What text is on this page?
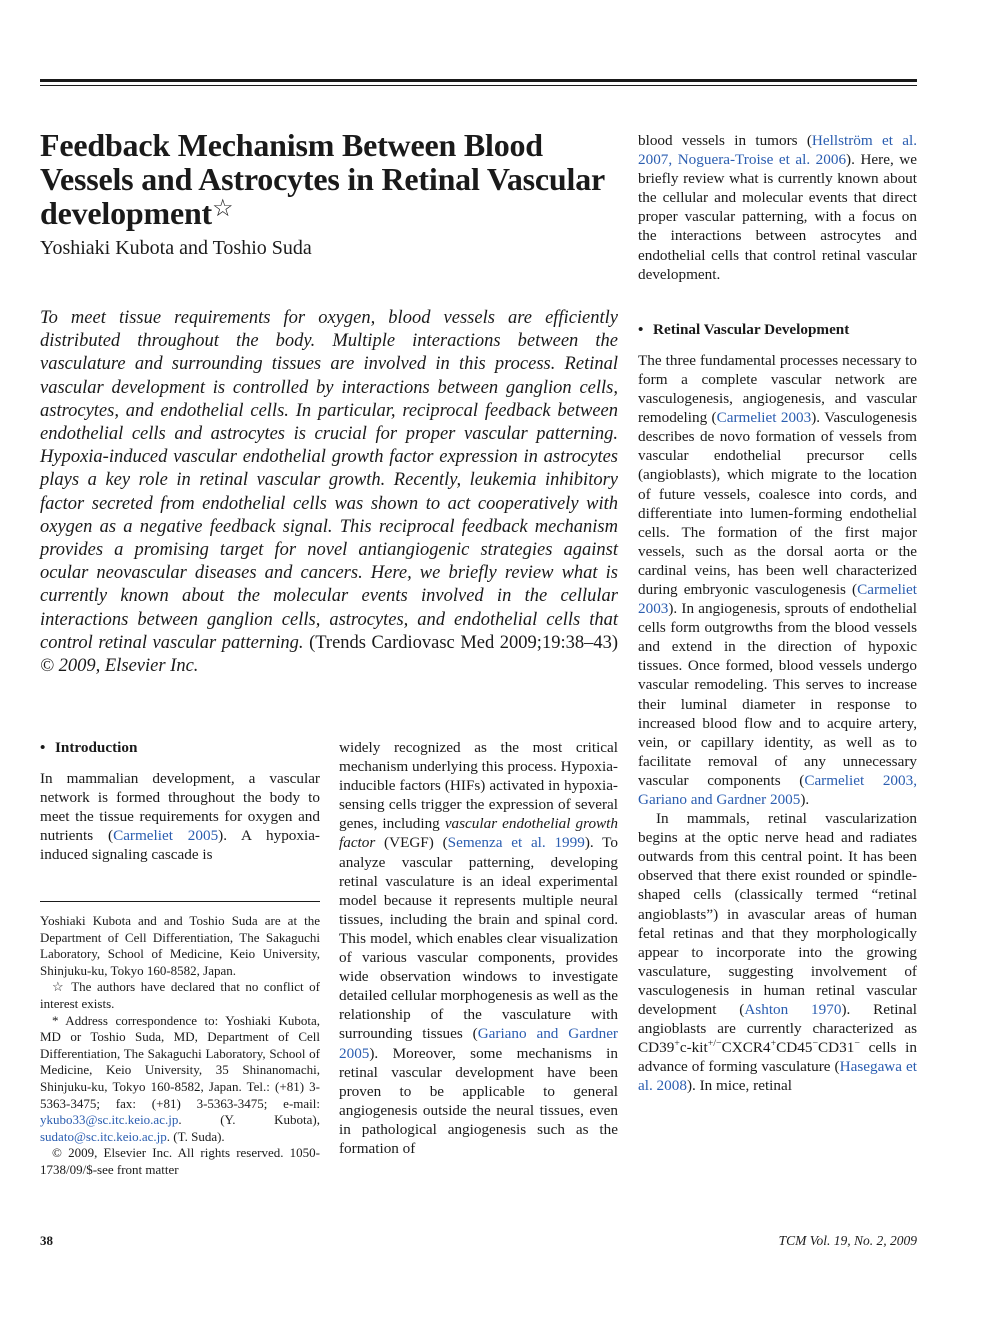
Feedback Mechanism Between Blood Vessels and Astrocytes in Retinal Vascular development☆
Yoshiaki Kubota and Toshio Suda

To meet tissue requirements for oxygen, blood vessels are efficiently distributed throughout the body. Multiple interactions between the vasculature and surrounding tissues are involved in this process. Retinal vascular development is controlled by interactions between ganglion cells, astrocytes, and endothelial cells. In particular, reciprocal feedback between endothelial cells and astrocytes is crucial for proper vascular patterning. Hypoxia-induced vascular endothelial growth factor expression in astrocytes plays a key role in retinal vascular growth. Recently, leukemia inhibitory factor secreted from endothelial cells was shown to act cooperatively with oxygen as a negative feedback signal. This reciprocal feedback mechanism provides a promising target for novel antiangiogenic strategies against ocular neovascular diseases and cancers. Here, we briefly review what is currently known about the molecular events involved in the cellular interactions between ganglion cells, astrocytes, and endothelial cells that control retinal vascular patterning. (Trends Cardiovasc Med 2009;19:38–43) © 2009, Elsevier Inc.

• Introduction

In mammalian development, a vascular network is formed throughout the body to meet the tissue requirements for oxygen and nutrients (Carmeliet 2005). A hypoxia-induced signaling cascade is

Yoshiaki Kubota and and Toshio Suda are at the Department of Cell Differentiation, The Sakaguchi Laboratory, School of Medicine, Keio University, Shinjuku-ku, Tokyo 160-8582, Japan.

☆ The authors have declared that no conflict of interest exists.

* Address correspondence to: Yoshiaki Kubota, MD or Toshio Suda, MD, Department of Cell Differentiation, The Sakaguchi Laboratory, School of Medicine, Keio University, 35 Shinanomachi, Shinjuku-ku, Tokyo 160-8582, Japan. Tel.: (+81) 3-5363-3475; fax: (+81) 3-5363-3475; e-mail: ykubo33@sc.itc.keio.ac.jp. (Y. Kubota), sudato@sc.itc.keio.ac.jp. (T. Suda).

© 2009, Elsevier Inc. All rights reserved. 1050-1738/09/$-see front matter

widely recognized as the most critical mechanism underlying this process. Hypoxia-inducible factors (HIFs) activated in hypoxia-sensing cells trigger the expression of several genes, including vascular endothelial growth factor (VEGF) (Semenza et al. 1999). To analyze vascular patterning, developing retinal vasculature is an ideal experimental model because it represents multiple neural tissues, including the brain and spinal cord. This model, which enables clear visualization of various vascular components, provides wide observation windows to investigate detailed cellular morphogenesis as well as the relationship of the vasculature with surrounding tissues (Gariano and Gardner 2005). Moreover, some mechanisms in retinal vascular development have been proven to be applicable to general angiogenesis outside the neural tissues, even in pathological angiogenesis such as the formation of

blood vessels in tumors (Hellström et al. 2007, Noguera-Troise et al. 2006). Here, we briefly review what is currently known about the cellular and molecular events that direct proper vascular patterning, with a focus on the interactions between astrocytes and endothelial cells that control retinal vascular development.

• Retinal Vascular Development

The three fundamental processes necessary to form a complete vascular network are vasculogenesis, angiogenesis, and vascular remodeling (Carmeliet 2003). Vasculogenesis describes de novo formation of vessels from vascular endothelial precursor cells (angioblasts), which migrate to the location of future vessels, coalesce into cords, and differentiate into lumen-forming endothelial cells. The formation of the first major vessels, such as the dorsal aorta or the cardinal veins, has been well characterized during embryonic vasculogenesis (Carmeliet 2003). In angiogenesis, sprouts of endothelial cells form outgrowths from the blood vessels and extend in the direction of hypoxic tissues. Once formed, blood vessels undergo vascular remodeling. This serves to increase their luminal diameter in response to increased blood flow and to acquire artery, vein, or capillary identity, as well as to facilitate removal of any unnecessary vascular components (Carmeliet 2003, Gariano and Gardner 2005).

In mammals, retinal vascularization begins at the optic nerve head and radiates outwards from this central point. It has been observed that there exist rounded or spindle-shaped cells (classically termed “retinal angioblasts”) in avascular areas of human fetal retinas and that they morphologically appear to incorporate into the growing vasculature, suggesting involvement of vasculogenesis in human retinal vascular development (Ashton 1970). Retinal angioblasts are currently characterized as CD39+c-kit+/−CXCR4+CD45−CD31− cells in advance of forming vasculature (Hasegawa et al. 2008). In mice, retinal

38	TCM Vol. 19, No. 2, 2009
